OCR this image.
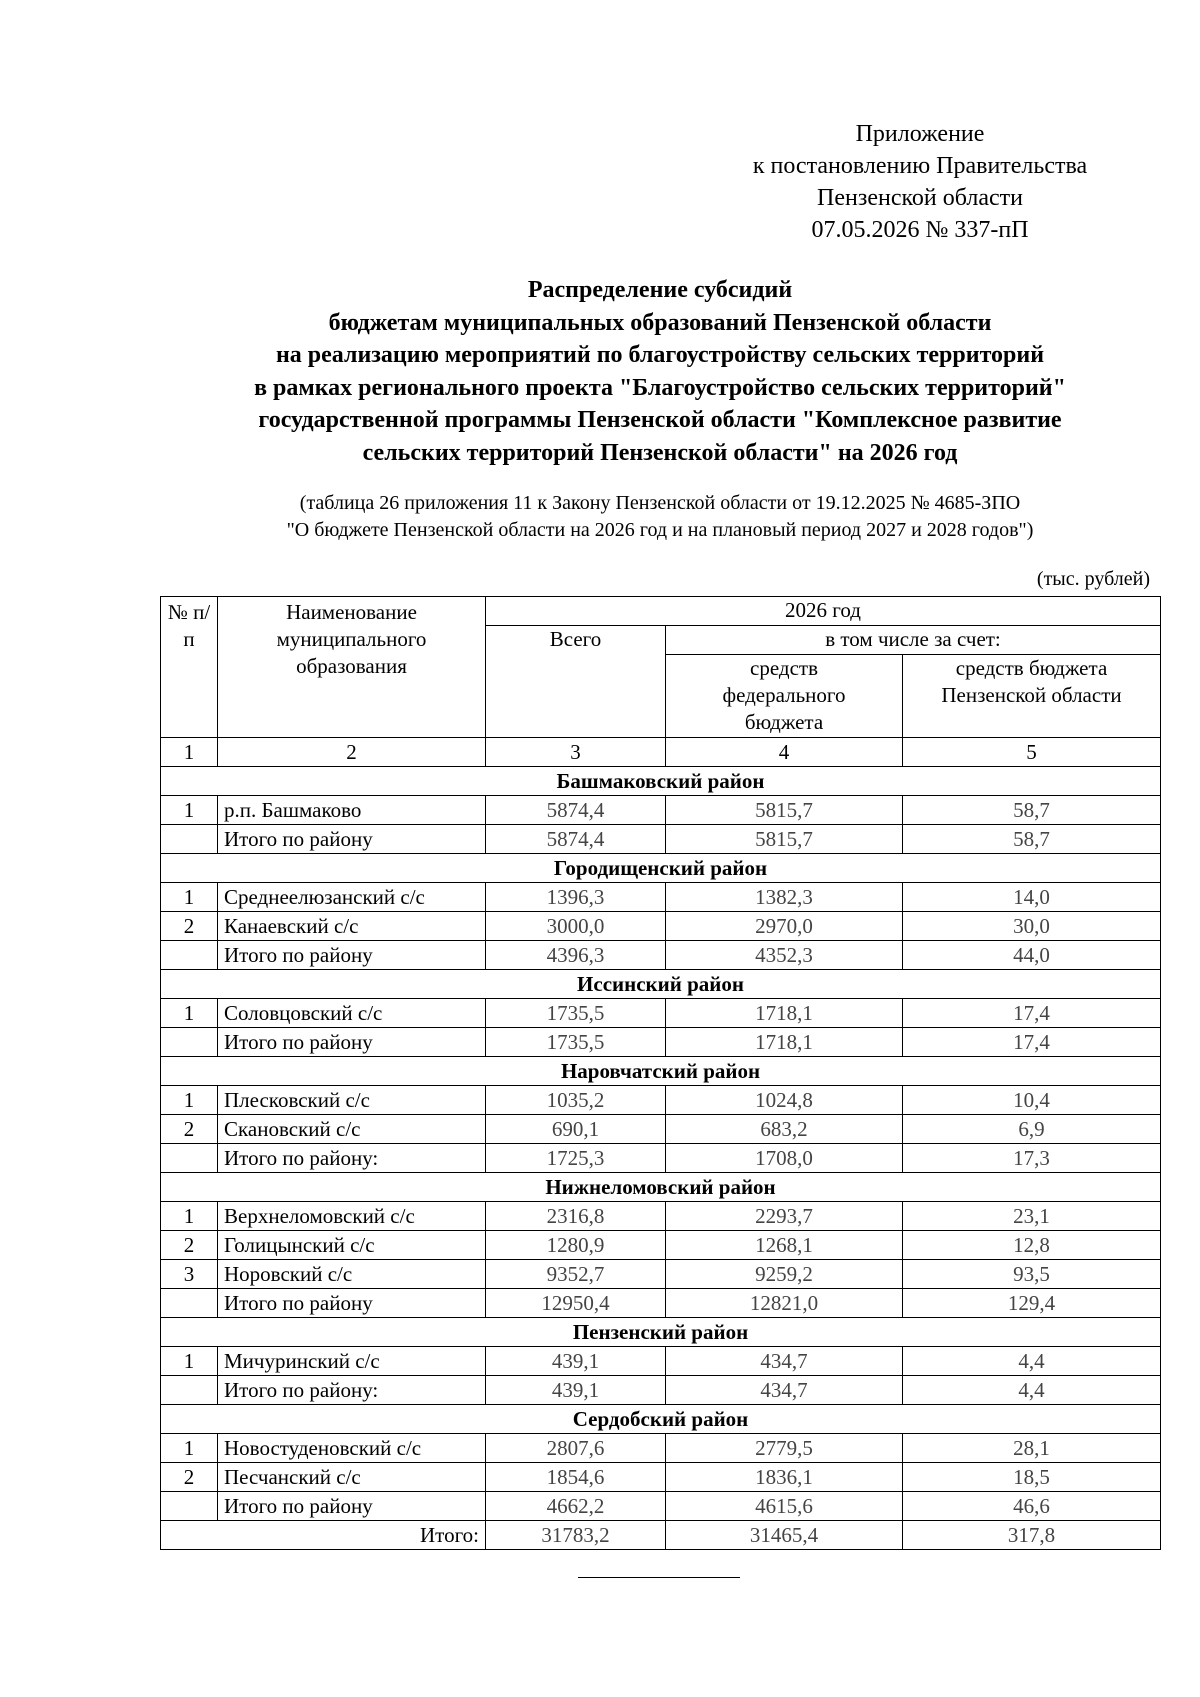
Приложение
к постановлению Правительства
Пензенской области
07.05.2026 № 337-пП
Распределение субсидий
бюджетам муниципальных образований Пензенской области
на реализацию мероприятий по благоустройству сельских территорий
в рамках регионального проекта "Благоустройство сельских территорий"
государственной программы Пензенской области "Комплексное развитие
сельских территорий Пензенской области" на 2026 год
(таблица 26 приложения 11 к Закону Пензенской области от 19.12.2025 № 4685-ЗПО
"О бюджете Пензенской области на 2026 год и на плановый период 2027 и 2028 годов")
(тыс. рублей)
№ п/п	Наименование муниципального образования	2026 год		
		Всего	в том числе за счет:	
			средств федерального бюджета	средств бюджета Пензенской области

1	2	3	4	5
Башмаковский район				
1	р.п. Башмаково	5874,4	5815,7	58,7
	Итого по району	5874,4	5815,7	58,7
Городищенский район				
1	Среднеелюзанский с/с	1396,3	1382,3	14,0
2	Канаевский с/с	3000,0	2970,0	30,0
	Итого по району	4396,3	4352,3	44,0
Иссинский район				
1	Соловцовский с/с	1735,5	1718,1	17,4
	Итого по району	1735,5	1718,1	17,4
Наровчатский район				
1	Плесковский с/с	1035,2	1024,8	10,4
2	Скановский с/с	690,1	683,2	6,9
	Итого по району:	1725,3	1708,0	17,3
Нижнеломовский район				
1	Верхнеломовский с/с	2316,8	2293,7	23,1
2	Голицынский с/с	1280,9	1268,1	12,8
3	Норовский с/с	9352,7	9259,2	93,5
	Итого по району	12950,4	12821,0	129,4
Пензенский район				
1	Мичуринский с/с	439,1	434,7	4,4
	Итого по району:	439,1	434,7	4,4
Сердобский район				
1	Новостуденовский с/с	2807,6	2779,5	28,1
2	Песчанский с/с	1854,6	1836,1	18,5
	Итого по району	4662,2	4615,6	46,6
Итого:		31783,2	31465,4	317,8
